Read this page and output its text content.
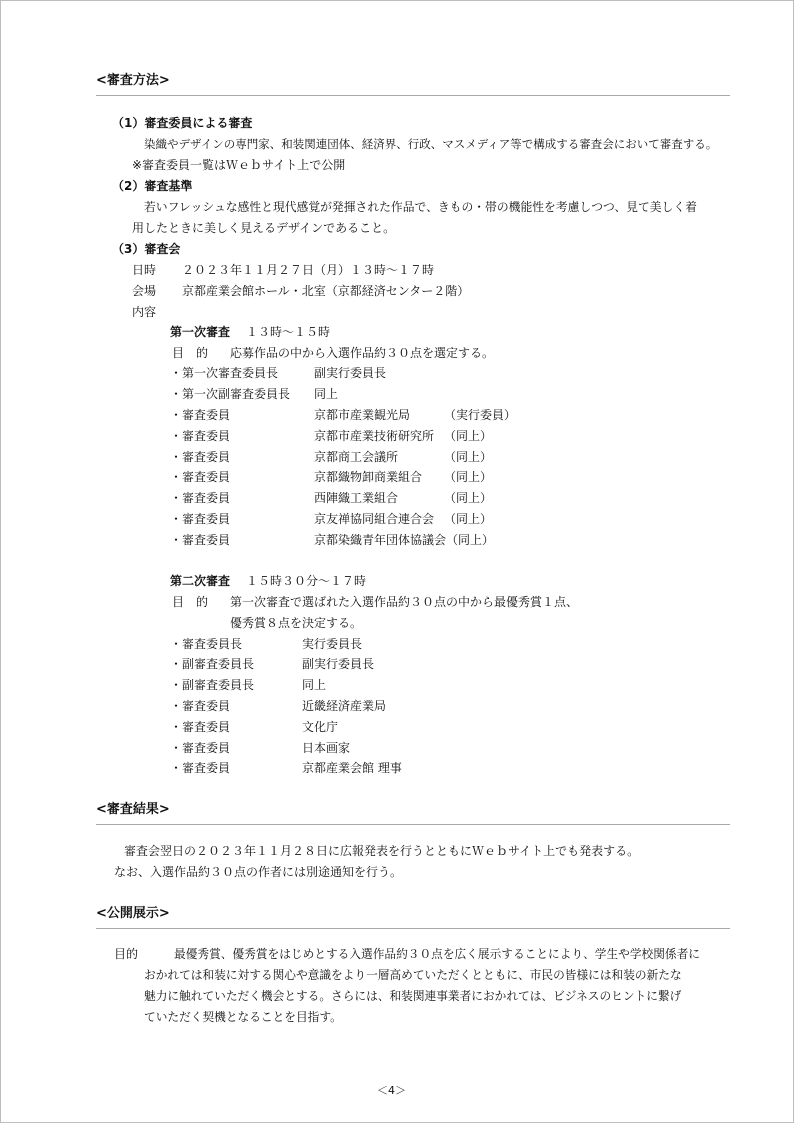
<審査方法>
（1）審査委員による審査
染織やデザインの専門家、和装関連団体、経済界、行政、マスメディア等で構成する審査会において審査する。
※審査委員一覧はＷｅｂサイト上で公開
（2）審査基準
若いフレッシュな感性と現代感覚が発揮された作品で、きもの・帯の機能性を考慮しつつ、見て美しく着
用したときに美しく見えるデザインであること。
（3）審査会
日時 ２０２３年１１月２７日（月）１３時～１７時
会場 京都産業会館ホール・北室（京都経済センター２階）
内容
第一次審査 １３時～１５時
目　的 応募作品の中から入選作品約３０点を選定する。
・第一次審査委員長	副実行委員長
・第一次副審査委員長 同上
・審査委員	京都市産業観光局	（実行委員）
・審査委員	京都市産業技術研究所 （同上）
・審査委員	京都商工会議所	（同上）
・審査委員	京都織物卸商業組合 （同上）
・審査委員	西陣織工業組合	（同上）
・審査委員	京友禅協同組合連合会 （同上）
・審査委員	京都染織青年団体協議会（同上）
第二次審査 １５時３０分～１７時
目　的 第一次審査で選ばれた入選作品約３０点の中から最優秀賞１点、
優秀賞８点を決定する。
・審査委員長	実行委員長
・副審査委員長	副実行委員長
・副審査委員長	同上
・審査委員	近畿経済産業局
・審査委員	文化庁
・審査委員	日本画家
・審査委員	京都産業会館 理事
<審査結果>
審査会翌日の２０２３年１１月２８日に広報発表を行うとともにＷｅｂサイト上でも発表する。
なお、入選作品約３０点の作者には別途通知を行う。
<公開展示>
目的	最優秀賞、優秀賞をはじめとする入選作品約３０点を広く展示することにより、学生や学校関係者に
おかれては和装に対する関心や意識をより一層高めていただくとともに、市民の皆様には和装の新たな
魅力に触れていただく機会とする。さらには、和装関連事業者におかれては、ビジネスのヒントに繋げ
ていただく契機となることを目指す。
＜4＞
